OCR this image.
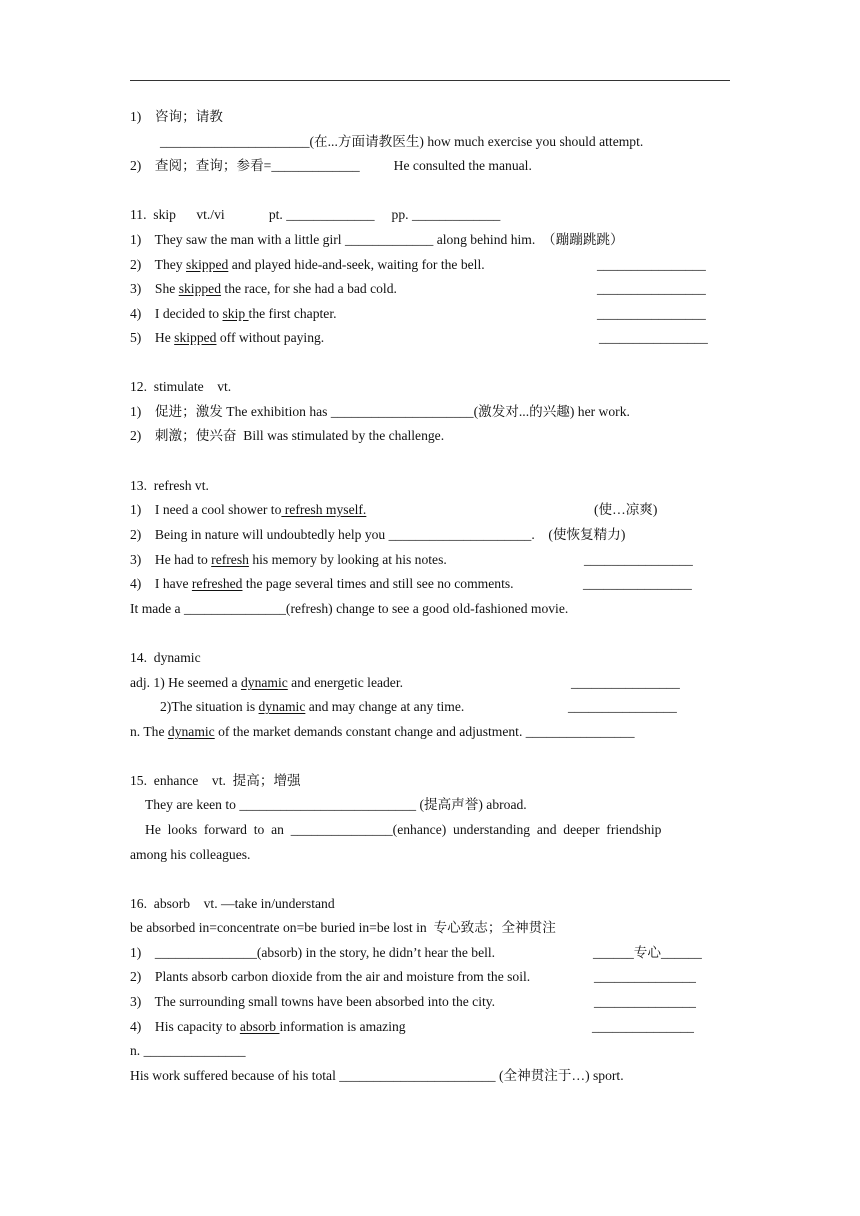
1)    咨询；请教
______________________(在...方面请教医生) how much exercise you should attempt.
2)    查阅；查询；参看=_____________          He consulted the manual.
11.  skip      vt./vi             pt. _____________     pp. _____________
1)    They saw the man with a little girl _____________ along behind him.  （蹦蹦跳跳）
2)    They skipped and played hide-and-seek, waiting for the bell.	________________
3)    She skipped the race, for she had a bad cold.	________________
4)    I decided to skip the first chapter.	________________
5)    He skipped off without paying.	________________
12.  stimulate    vt.
1)    促进；激发 The exhibition has _____________________(激发对...的兴趣) her work.
2)    刺激；使兴奋  Bill was stimulated by the challenge.
13.  refresh vt.
1)    I need a cool shower to refresh myself.	(使…凉爽)
2)    Being in nature will undoubtedly help you _____________________.    (使恢复精力)
3)    He had to refresh his memory by looking at his notes.	________________
4)    I have refreshed the page several times and still see no comments.	________________
It made a _______________(refresh) change to see a good old-fashioned movie.
14.  dynamic
adj. 1) He seemed a dynamic and energetic leader.	________________
2)The situation is dynamic and may change at any time.	________________
n. The dynamic of the market demands constant change and adjustment. ________________
15.  enhance    vt.  提高；增强
They are keen to __________________________ (提高声誉) abroad.
He  looks  forward  to  an  _______________(enhance)  understanding  and  deeper  friendship
among his colleagues.
16.  absorb    vt. —take in/understand
be absorbed in=concentrate on=be buried in=be lost in  专心致志；全神贯注
1)    _______________(absorb) in the story, he didn’t hear the bell.	______专心______
2)    Plants absorb carbon dioxide from the air and moisture from the soil.	_______________
3)    The surrounding small towns have been absorbed into the city.	_______________
4)    His capacity to absorb information is amazing	_______________
n. _______________
His work suffered because of his total _______________________ (全神贯注于…) sport.
